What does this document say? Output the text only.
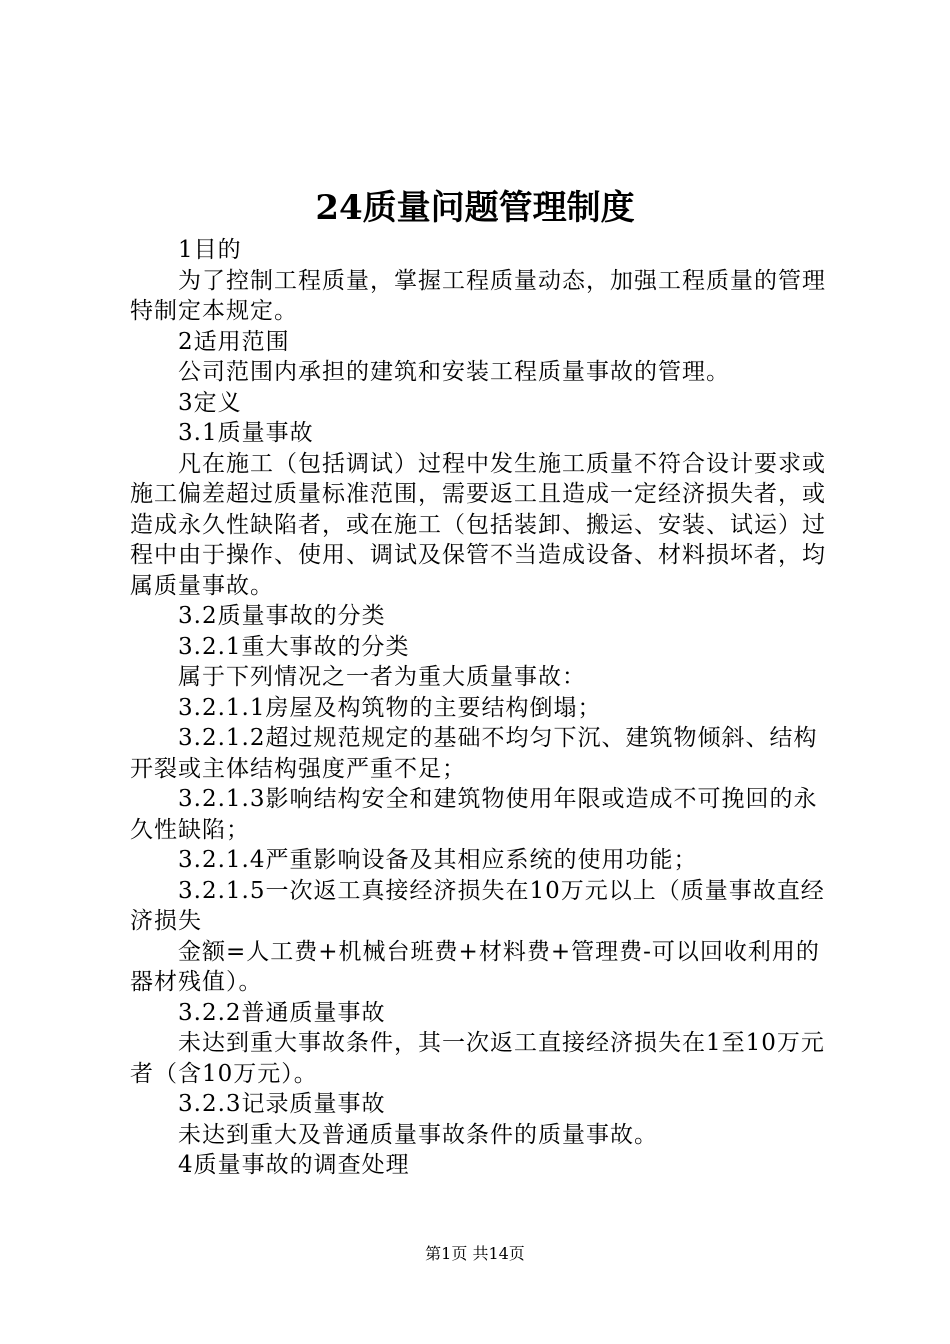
24质量问题管理制度

1目的

为了控制工程质量，掌握工程质量动态，加强工程质量的管理特制定本规定。

2适用范围

公司范围内承担的建筑和安装工程质量事故的管理。

3定义

3.1质量事故

凡在施工（包括调试）过程中发生施工质量不符合设计要求或施工偏差超过质量标准范围，需要返工且造成一定经济损失者，或造成永久性缺陷者，或在施工（包括装卸、搬运、安装、试运）过程中由于操作、使用、调试及保管不当造成设备、材料损坏者，均属质量事故。

3.2质量事故的分类

3.2.1重大事故的分类

属于下列情况之一者为重大质量事故：

3.2.1.1房屋及构筑物的主要结构倒塌；

3.2.1.2超过规范规定的基础不均匀下沉、建筑物倾斜、结构开裂或主体结构强度严重不足；

3.2.1.3影响结构安全和建筑物使用年限或造成不可挽回的永久性缺陷；

3.2.1.4严重影响设备及其相应系统的使用功能；

3.2.1.5一次返工真接经济损失在10万元以上（质量事故直经济损失

金额=人工费+机械台班费+材料费+管理费-可以回收利用的器材残值）。

3.2.2普通质量事故

未达到重大事故条件，其一次返工直接经济损失在1至10万元者（含10万元）。

3.2.3记录质量事故

未达到重大及普通质量事故条件的质量事故。

4质量事故的调查处理

第1页 共14页
